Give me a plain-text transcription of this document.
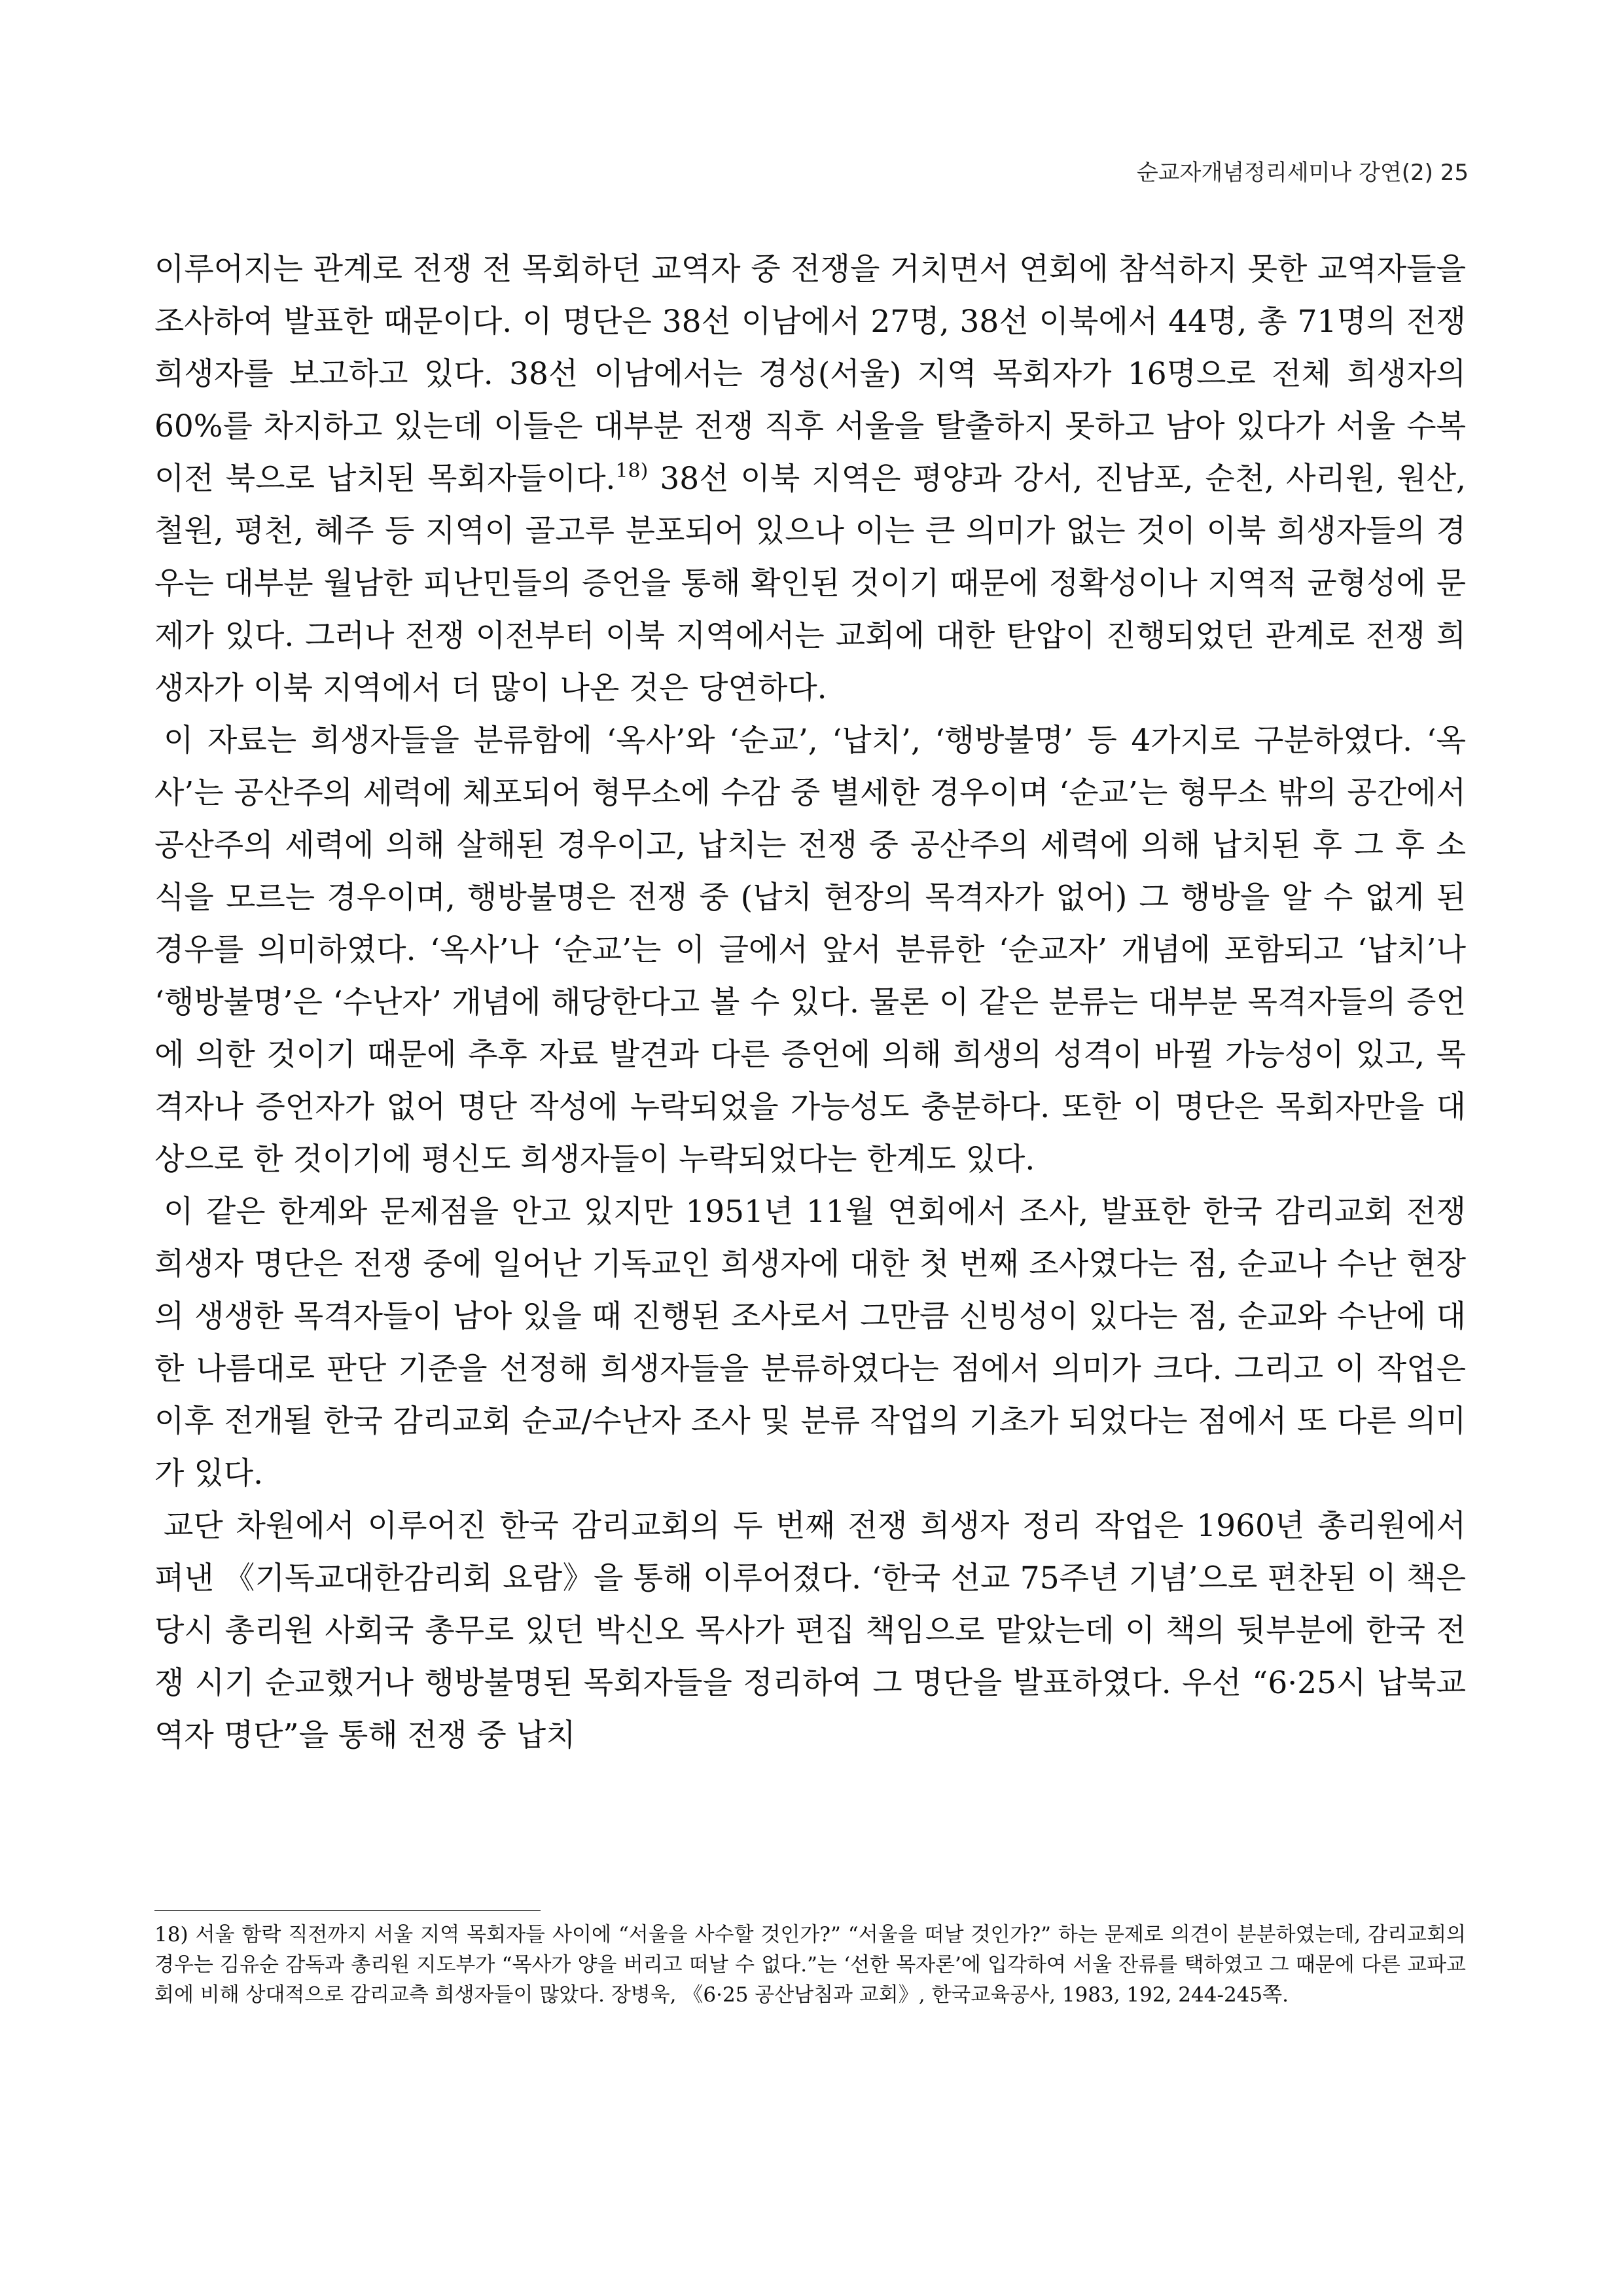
순교자개념정리세미나 강연(2) 25

이루어지는 관계로 전쟁 전 목회하던 교역자 중 전쟁을 거치면서 연회에 참석하지 못한 교역자들을 조사하여 발표한 때문이다. 이 명단은 38선 이남에서 27명, 38선 이북에서 44명, 총 71명의 전쟁 희생자를 보고하고 있다. 38선 이남에서는 경성(서울) 지역 목회자가 16명으로 전체 희생자의 60%를 차지하고 있는데 이들은 대부분 전쟁 직후 서울을 탈출하지 못하고 남아 있다가 서울 수복이전 북으로 납치된 목회자들이다.$^{18)}$ 38선 이북 지역은 평양과 강서, 진남포, 순천, 사리원, 원산, 철원, 평천, 혜주 등 지역이 골고루 분포되어 있으나 이는 큰 의미가 없는 것이 이북 희생자들의 경우는 대부분 월남한 피난민들의 증언을 통해 확인된 것이기 때문에 정확성이나 지역적 균형성에 문제가 있다. 그러나 전쟁 이전부터 이북 지역에서는 교회에 대한 탄압이 진행되었던 관계로 전쟁 희생자가 이북 지역에서 더 많이 나온 것은 당연하다.

이 자료는 희생자들을 분류함에 ‘옥사’와 ‘순교’, ‘납치’, ‘행방불명’ 등 4가지로 구분하였다. ‘옥사’는 공산주의 세력에 체포되어 형무소에 수감 중 별세한 경우이며 ‘순교’는 형무소 밖의 공간에서 공산주의 세력에 의해 살해된 경우이고, 납치는 전쟁 중 공산주의 세력에 의해 납치된 후 그 후 소식을 모르는 경우이며, 행방불명은 전쟁 중 (납치 현장의 목격자가 없어) 그 행방을 알 수 없게 된 경우를 의미하였다. ‘옥사’나 ‘순교’는 이 글에서 앞서 분류한 ‘순교자’ 개념에 포함되고 ‘납치’나 ‘행방불명’은 ‘수난자’ 개념에 해당한다고 볼 수 있다. 물론 이 같은 분류는 대부분 목격자들의 증언에 의한 것이기 때문에 추후 자료 발견과 다른 증언에 의해 희생의 성격이 바뀔 가능성이 있고, 목격자나 증언자가 없어 명단 작성에 누락되었을 가능성도 충분하다. 또한 이 명단은 목회자만을 대상으로 한 것이기에 평신도 희생자들이 누락되었다는 한계도 있다.

이 같은 한계와 문제점을 안고 있지만 1951년 11월 연회에서 조사, 발표한 한국 감리교회 전쟁 희생자 명단은 전쟁 중에 일어난 기독교인 희생자에 대한 첫 번째 조사였다는 점, 순교나 수난 현장의 생생한 목격자들이 남아 있을 때 진행된 조사로서 그만큼 신빙성이 있다는 점, 순교와 수난에 대한 나름대로 판단 기준을 선정해 희생자들을 분류하였다는 점에서 의미가 크다. 그리고 이 작업은 이후 전개될 한국 감리교회 순교/수난자 조사 및 분류 작업의 기초가 되었다는 점에서 또 다른 의미가 있다.

교단 차원에서 이루어진 한국 감리교회의 두 번째 전쟁 희생자 정리 작업은 1960년 총리원에서 펴낸 《기독교대한감리회 요람》을 통해 이루어졌다. ‘한국 선교 75주년 기념’으로 편찬된 이 책은 당시 총리원 사회국 총무로 있던 박신오 목사가 편집 책임으로 맡았는데 이 책의 뒷부분에 한국 전쟁 시기 순교했거나 행방불명된 목회자들을 정리하여 그 명단을 발표하였다. 우선 “6·25시 납북교역자 명단”을 통해 전쟁 중 납치

18) 서울 함락 직전까지 서울 지역 목회자들 사이에 “서울을 사수할 것인가?” “서울을 떠날 것인가?” 하는 문제로 의견이 분분하였는데, 감리교회의 경우는 김유순 감독과 총리원 지도부가 “목사가 양을 버리고 떠날 수 없다.”는 ‘선한 목자론’에 입각하여 서울 잔류를 택하였고 그 때문에 다른 교파교회에 비해 상대적으로 감리교측 희생자들이 많았다. 장병욱, 《6·25 공산남침과 교회》, 한국교육공사, 1983, 192, 244-245쪽.
